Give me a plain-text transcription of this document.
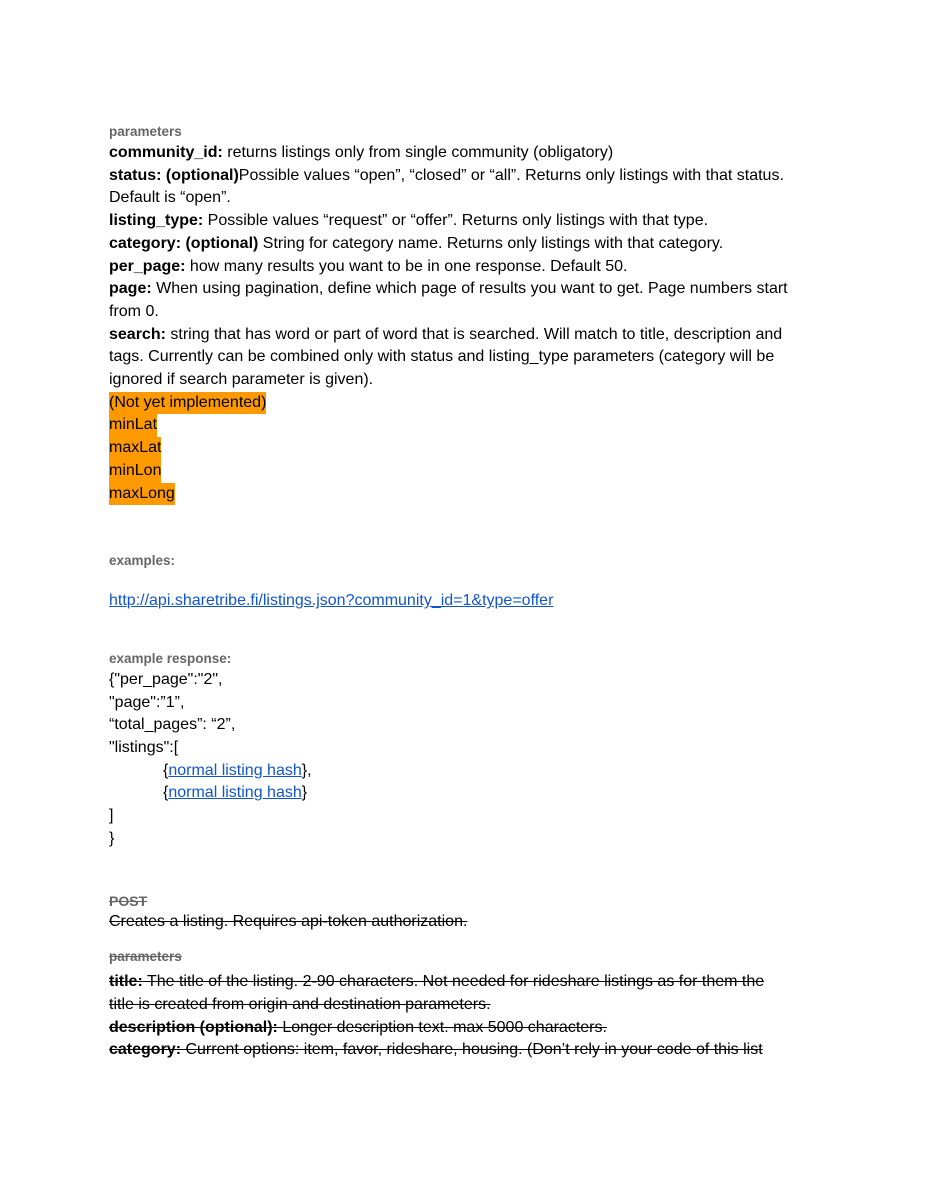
parameters
community_id: returns listings only from single community (obligatory)
status: (optional)Possible values “open”, “closed” or “all”. Returns only listings with that status.
Default is “open”.
listing_type: Possible values “request” or “offer”. Returns only listings with that type.
category: (optional) String for category name. Returns only listings with that category.
per_page: how many results you want to be in one response. Default 50.
page: When using pagination, define which page of results you want to get. Page numbers start
from 0.
search: string that has word or part of word that is searched. Will match to title, description and
tags. Currently can be combined only with status and listing_type parameters (category will be
ignored if search parameter is given).
(Not yet implemented)
minLat
maxLat
minLon
maxLong
examples:
http://api.sharetribe.fi/listings.json?community_id=1&type=offer
example response:
{"per_page":"2",
"page":”1”,
“total_pages”: “2”,
"listings":[
{normal listing hash},
{normal listing hash}
]
}
POST
Creates a listing. Requires api-token authorization.
parameters
title: The title of the listing. 2-90 characters. Not needed for rideshare listings as for them the
title is created from origin and destination parameters.
description (optional): Longer description text. max 5000 characters.
category: Current options: item, favor, rideshare, housing. (Don’t rely in your code of this list
